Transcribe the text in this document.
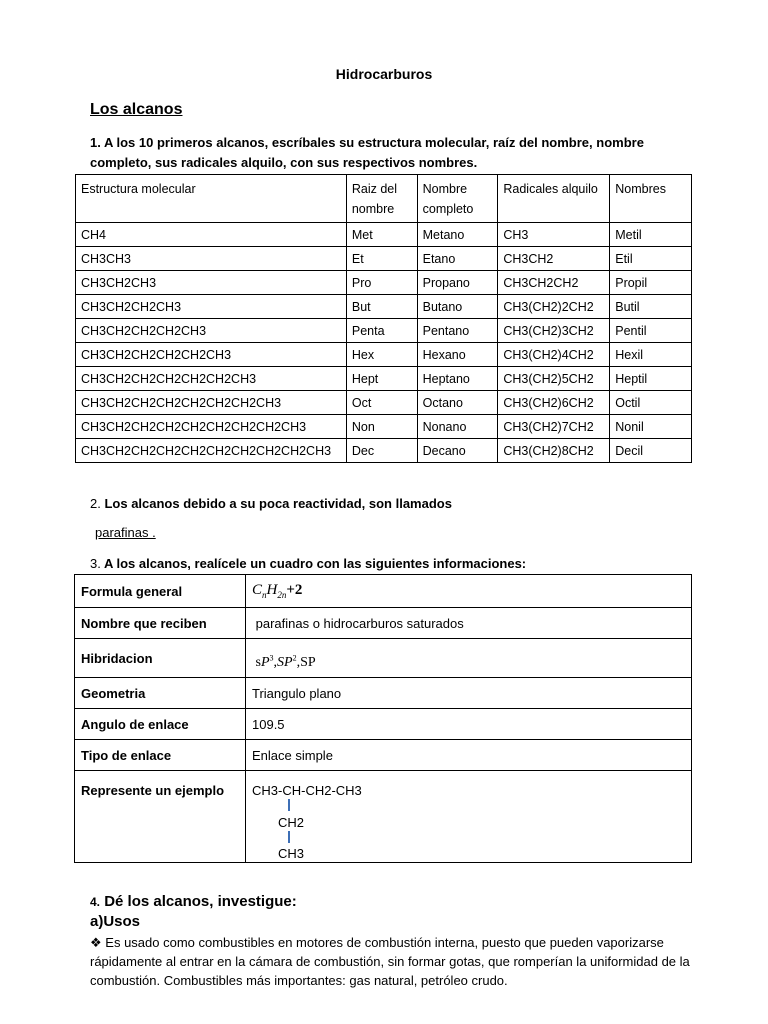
Hidrocarburos
Los alcanos
1. A los 10 primeros alcanos, escríbales su estructura molecular, raíz del nombre, nombre completo, sus radicales alquilo, con sus respectivos nombres.
Estructura molecular	Raiz del nombre	Nombre completo	Radicales alquilo	Nombres
CH4	Met	Metano	CH3	Metil
CH3CH3	Et	Etano	CH3CH2	Etil
CH3CH2CH3	Pro	Propano	CH3CH2CH2	Propil
CH3CH2CH2CH3	But	Butano	CH3(CH2)2CH2	Butil
CH3CH2CH2CH2CH3	Penta	Pentano	CH3(CH2)3CH2	Pentil
CH3CH2CH2CH2CH2CH3	Hex	Hexano	CH3(CH2)4CH2	Hexil
CH3CH2CH2CH2CH2CH2CH3	Hept	Heptano	CH3(CH2)5CH2	Heptil
CH3CH2CH2CH2CH2CH2CH2CH3	Oct	Octano	CH3(CH2)6CH2	Octil
CH3CH2CH2CH2CH2CH2CH2CH2CH3	Non	Nonano	CH3(CH2)7CH2	Nonil
CH3CH2CH2CH2CH2CH2CH2CH2CH2CH3	Dec	Decano	CH3(CH2)8CH2	Decil
2. Los alcanos debido a su poca reactividad, son llamados
parafinas .
3. A los alcanos, realícele un cuadro con las siguientes informaciones:
Formula general	$C_nH_{2n}+2$
Nombre que reciben	parafinas o hidrocarburos saturados
Hibridacion	$sP^3,SP^2,SP$
Geometria	Triangulo plano
Angulo de enlace	109.5
Tipo de enlace	Enlace simple
Represente un ejemplo	CH3-CH-CH2-CH3
CH2
CH3
4. Dé los alcanos, investigue:
a)Usos
❖ Es usado como combustibles en motores de combustión interna, puesto que pueden vaporizarse rápidamente al entrar en la cámara de combustión, sin formar gotas, que romperían la uniformidad de la combustión. Combustibles más importantes: gas natural, petróleo crudo.
